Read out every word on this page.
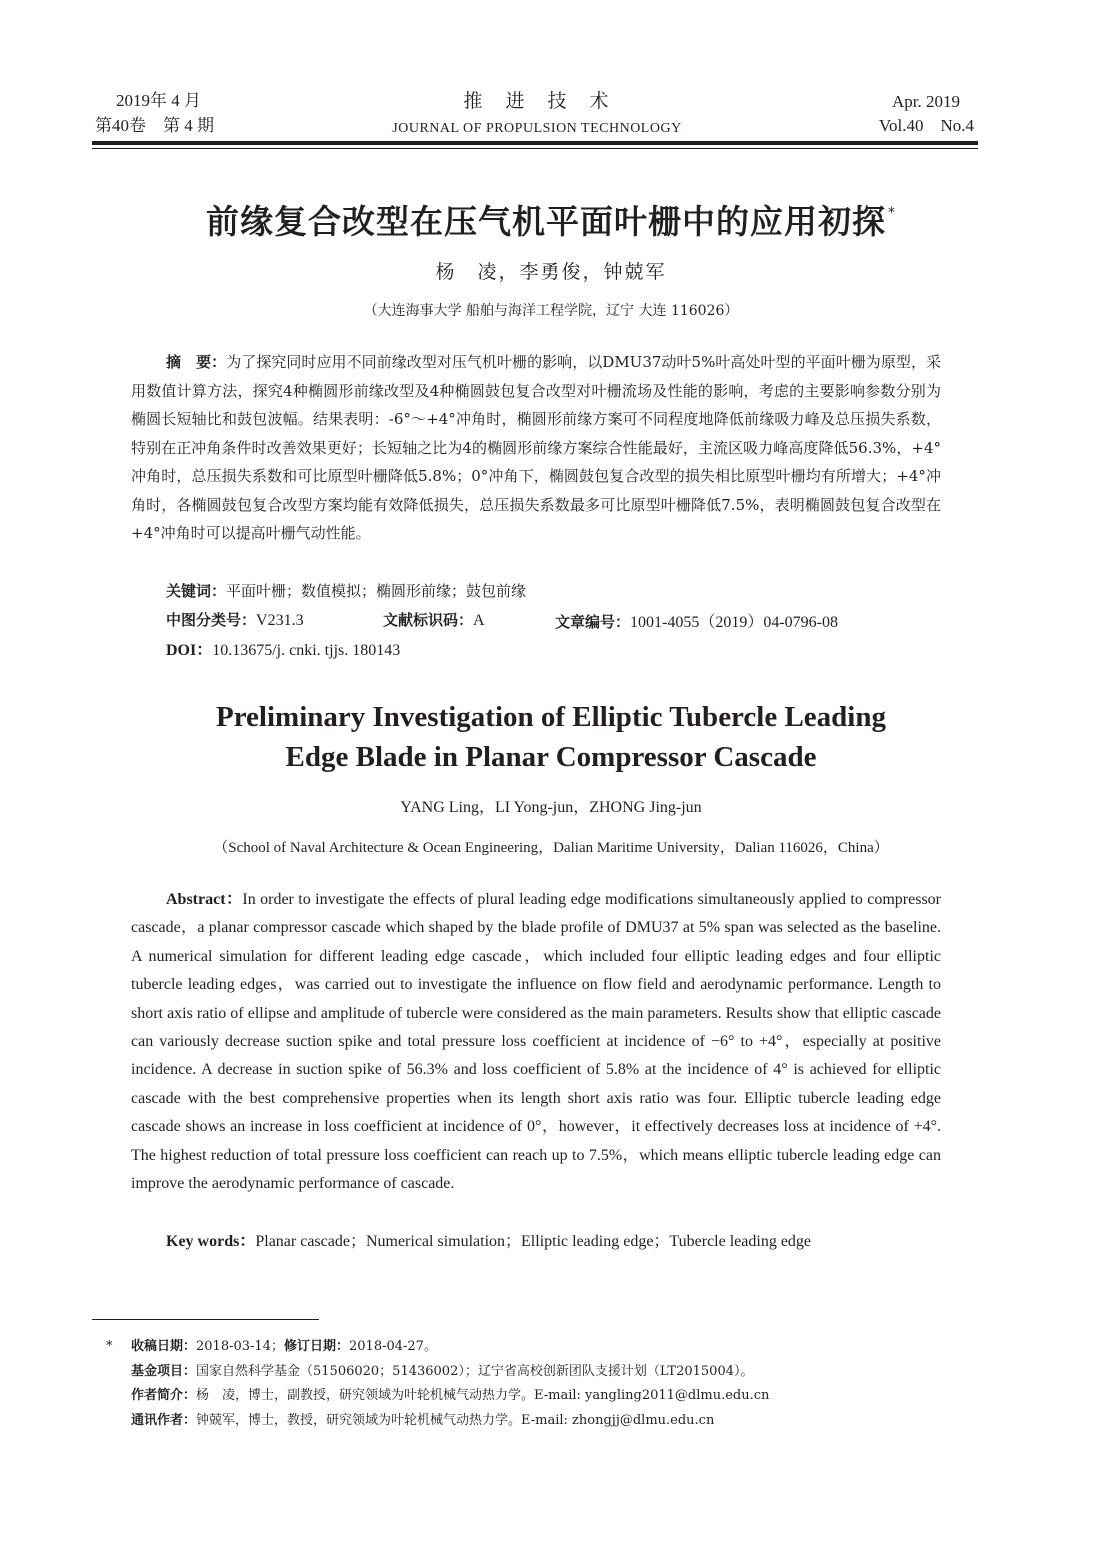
2019年 4 月
第40卷　第 4 期
推　进　技　术
JOURNAL OF PROPULSION TECHNOLOGY
Apr. 2019
Vol.40　No.4
前缘复合改型在压气机平面叶栅中的应用初探 *
杨　凌，李勇俊，钟兢军
（大连海事大学 船舶与海洋工程学院，辽宁 大连 116026）
摘　要：为了探究同时应用不同前缘改型对压气机叶栅的影响，以DMU37动叶5%叶高处叶型的平面叶栅为原型，采用数值计算方法，探究4种椭圆形前缘改型及4种椭圆鼓包复合改型对叶栅流场及性能的影响，考虑的主要影响参数分别为椭圆长短轴比和鼓包波幅。结果表明：-6°～+4°冲角时，椭圆形前缘方案可不同程度地降低前缘吸力峰及总压损失系数，特别在正冲角条件时改善效果更好；长短轴之比为4的椭圆形前缘方案综合性能最好，主流区吸力峰高度降低56.3%，+4°冲角时，总压损失系数和可比原型叶栅降低5.8%；0°冲角下，椭圆鼓包复合改型的损失相比原型叶栅均有所增大；+4°冲角时，各椭圆鼓包复合改型方案均能有效降低损失，总压损失系数最多可比原型叶栅降低7.5%，表明椭圆鼓包复合改型在+4°冲角时可以提高叶栅气动性能。
关键词：平面叶栅；数值模拟；椭圆形前缘；鼓包前缘
中图分类号：V231.3	文献标识码：A	文章编号：1001-4055（2019）04-0796-08
DOI：10.13675/j. cnki. tjjs. 180143
Preliminary Investigation of Elliptic Tubercle Leading
Edge Blade in Planar Compressor Cascade
YANG Ling，LI Yong-jun，ZHONG Jing-jun
（School of Naval Architecture & Ocean Engineering，Dalian Maritime University，Dalian 116026，China）
Abstract：In order to investigate the effects of plural leading edge modifications simultaneously applied to compressor cascade，a planar compressor cascade which shaped by the blade profile of DMU37 at 5% span was selected as the baseline. A numerical simulation for different leading edge cascade，which included four elliptic leading edges and four elliptic tubercle leading edges，was carried out to investigate the influence on flow field and aerodynamic performance. Length to short axis ratio of ellipse and amplitude of tubercle were considered as the main parameters. Results show that elliptic cascade can variously decrease suction spike and total pressure loss coefficient at incidence of −6° to +4°，especially at positive incidence. A decrease in suction spike of 56.3% and loss coefficient of 5.8% at the incidence of 4° is achieved for elliptic cascade with the best comprehensive properties when its length short axis ratio was four. Elliptic tubercle leading edge cascade shows an increase in loss coefficient at incidence of 0°，however，it effectively decreases loss at incidence of +4°. The highest reduction of total pressure loss coefficient can reach up to 7.5%，which means elliptic tubercle leading edge can improve the aerodynamic performance of cascade.
Key words：Planar cascade；Numerical simulation；Elliptic leading edge；Tubercle leading edge
* 收稿日期：2018-03-14；修订日期：2018-04-27。
基金项目：国家自然科学基金（51506020；51436002）；辽宁省高校创新团队支援计划（LT2015004）。
作者简介：杨　凌，博士，副教授，研究领域为叶轮机械气动热力学。E-mail: yangling2011@dlmu.edu.cn
通讯作者：钟兢军，博士，教授，研究领域为叶轮机械气动热力学。E-mail: zhongjj@dlmu.edu.cn
